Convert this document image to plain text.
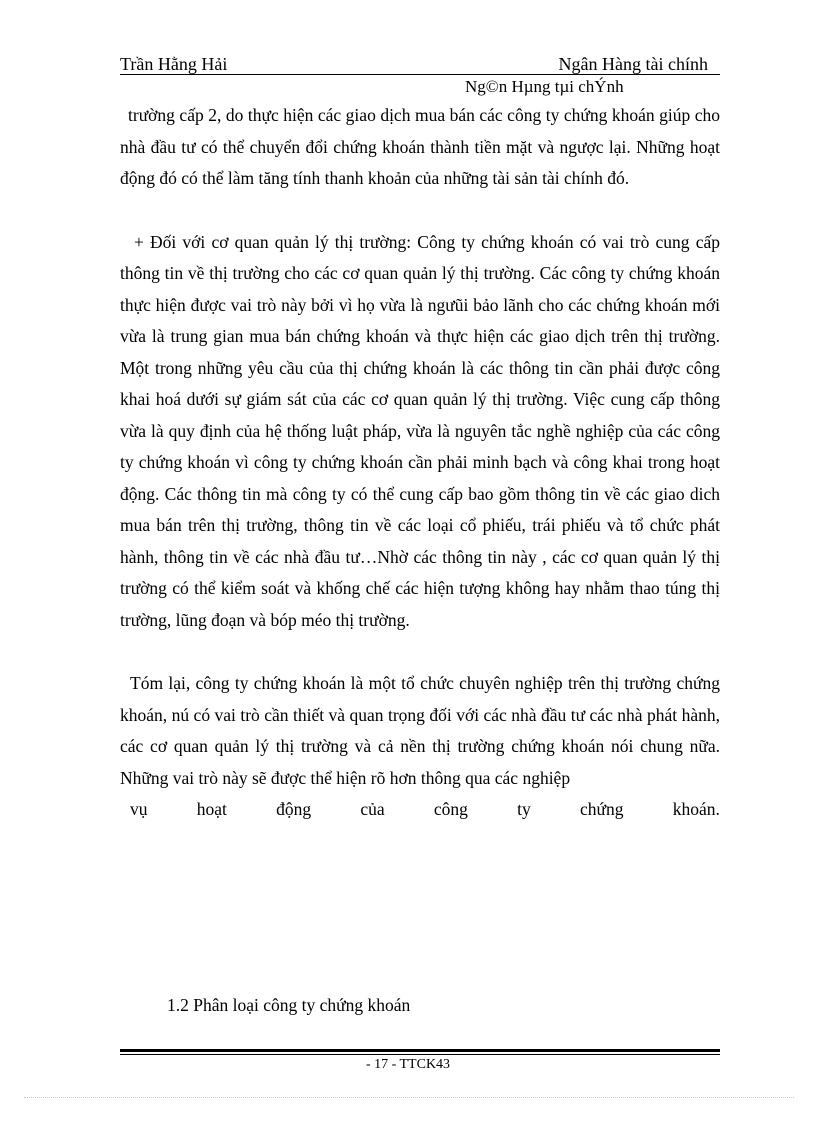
Trần Hằng Hải	Ngân Hàng tài chính
Ng©n Hµng tµi chÝnh

trường cấp 2, do thực hiện các giao dịch mua bán các công ty chứng khoán giúp cho nhà đầu tư có thể chuyển đổi chứng khoán thành tiền mặt và ngược lại. Những hoạt động đó có thể làm tăng tính thanh khoản của những tài sản tài chính đó.

+ Đối với cơ quan quản lý thị trường: Công ty chứng khoán có vai trò cung cấp thông tin về thị trường cho các cơ quan quản lý thị trường. Các công ty chứng khoán thực hiện được vai trò này bởi vì họ vừa là ngưũi bảo lãnh cho các chứng khoán mới vừa là trung gian mua bán chứng khoán và thực hiện các giao dịch trên thị trường. Một trong những yêu cầu của thị chứng khoán là các thông tin cần phải được công khai hoá dưới sự giám sát của các cơ quan quản lý thị trường. Việc cung cấp thông vừa là quy định của hệ thống luật pháp, vừa là nguyên tắc nghề nghiệp của các công ty chứng khoán vì công ty chứng khoán cần phải minh bạch và công khai trong hoạt động. Các thông tin mà công ty có thể cung cấp bao gồm thông tin về các giao dich mua bán trên thị trường, thông tin về các loại cổ phiếu, trái phiếu và tổ chức phát hành, thông tin về các nhà đầu tư…Nhờ các thông tin này , các cơ quan quản lý thị trường có thể kiểm soát và khống chế các hiện tượng không hay nhằm thao túng thị trường, lũng đoạn và bóp méo thị trường.

Tóm lại, công ty chứng khoán là một tổ chức chuyên nghiệp trên thị trường chứng khoán, nú có vai trò cần thiết và quan trọng đối với các nhà đầu tư các nhà phát hành, các cơ quan quản lý thị trường và cả nền thị trường chứng khoán nói chung nữa. Những vai trò này sẽ được thể hiện rõ hơn thông qua các nghiệp
vụ	hoạt	động	của	công	ty	chứng	khoán.

1.2 Phân loại công ty chứng khoán
- 17 - TTCK43
